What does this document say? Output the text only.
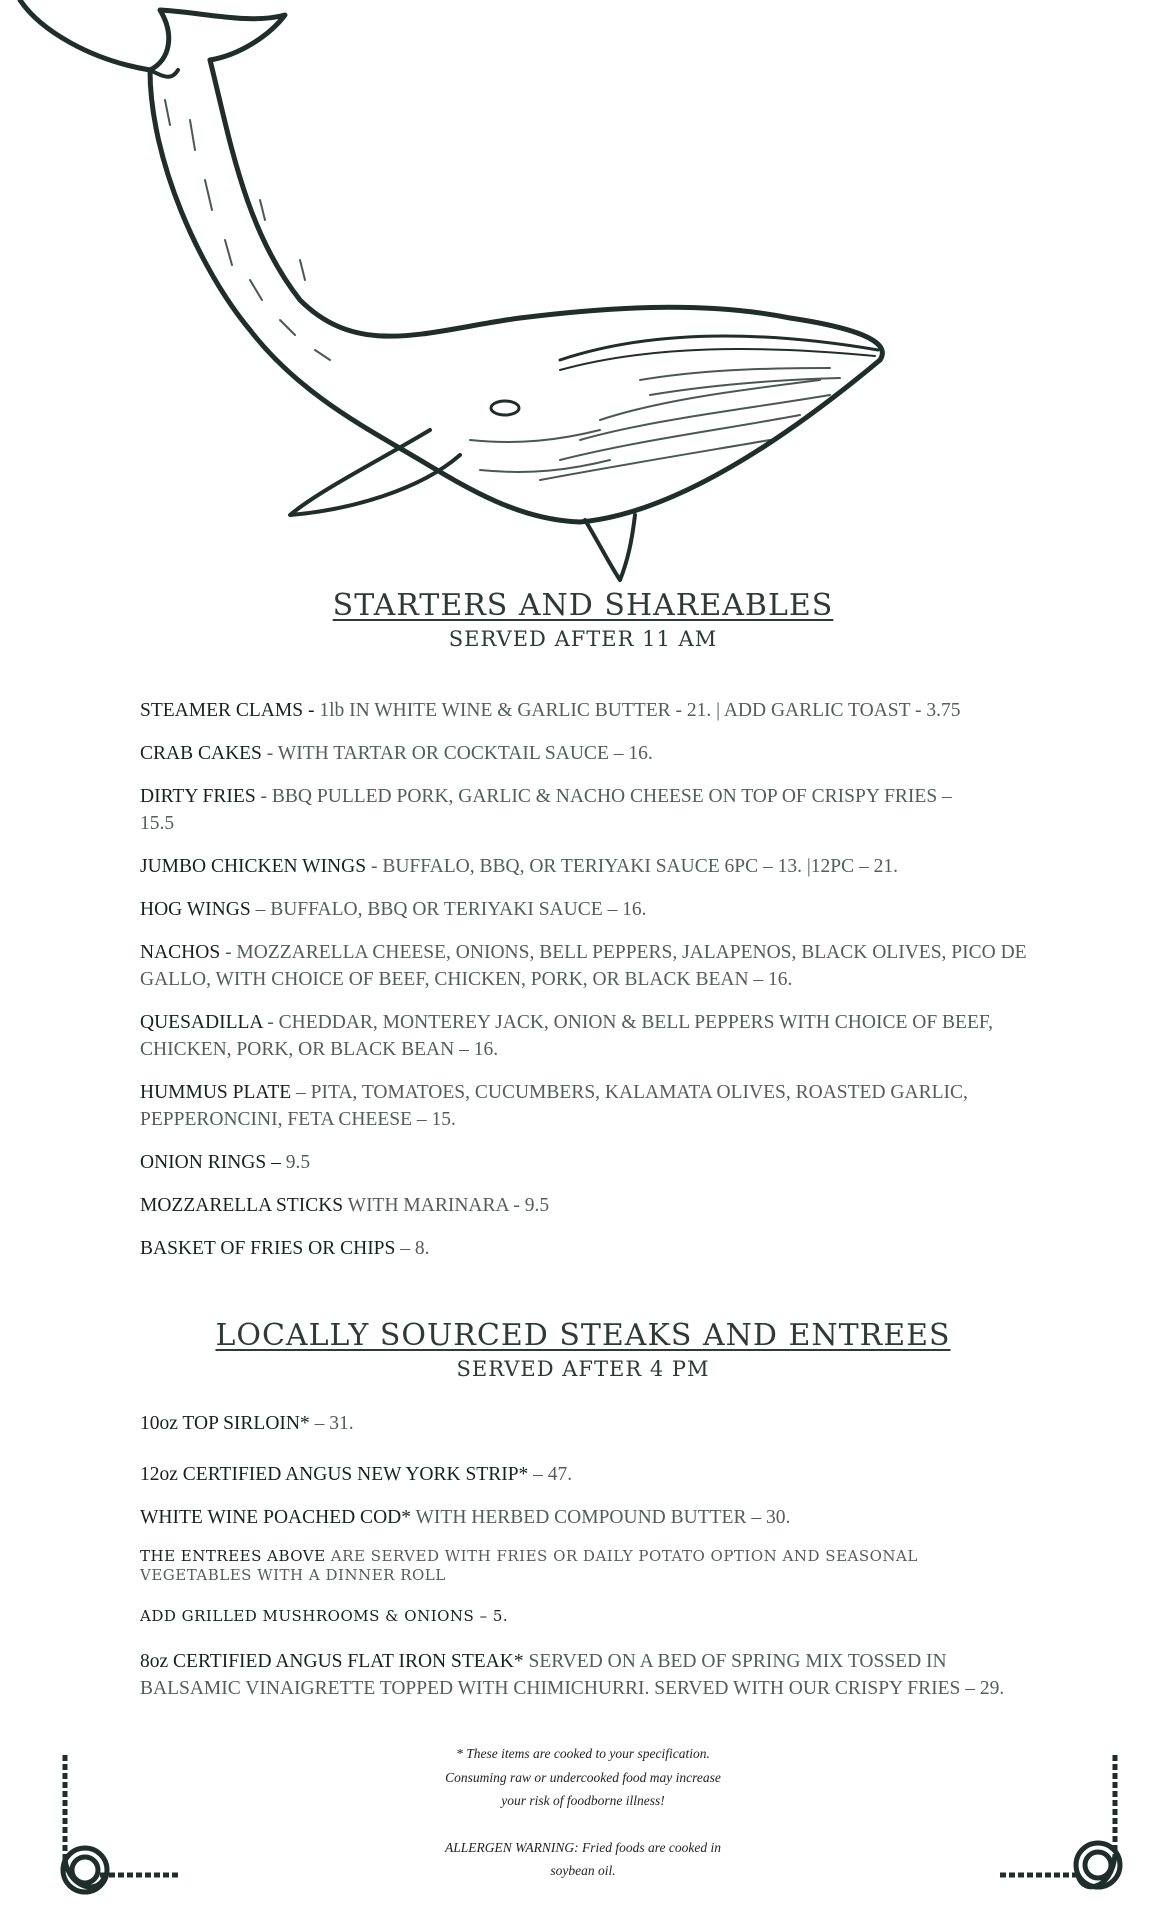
STARTERS AND SHAREABLES
SERVED AFTER 11 AM
STEAMER CLAMS - 1lb IN WHITE WINE & GARLIC BUTTER - 21. | ADD GARLIC TOAST - 3.75
CRAB CAKES - WITH TARTAR OR COCKTAIL SAUCE – 16.
DIRTY FRIES - BBQ PULLED PORK, GARLIC & NACHO CHEESE ON TOP OF CRISPY FRIES – 15.5
JUMBO CHICKEN WINGS - BUFFALO, BBQ, OR TERIYAKI SAUCE 6PC – 13. |12PC – 21.
HOG WINGS – BUFFALO, BBQ OR TERIYAKI SAUCE – 16.
NACHOS - MOZZARELLA CHEESE, ONIONS, BELL PEPPERS, JALAPENOS, BLACK OLIVES, PICO DE GALLO, WITH CHOICE OF BEEF, CHICKEN, PORK, OR BLACK BEAN – 16.
QUESADILLA - CHEDDAR, MONTEREY JACK, ONION & BELL PEPPERS WITH CHOICE OF BEEF, CHICKEN, PORK, OR BLACK BEAN – 16.
HUMMUS PLATE – PITA, TOMATOES, CUCUMBERS, KALAMATA OLIVES, ROASTED GARLIC, PEPPERONCINI, FETA CHEESE – 15.
ONION RINGS – 9.5
MOZZARELLA STICKS WITH MARINARA - 9.5
BASKET OF FRIES OR CHIPS – 8.
LOCALLY SOURCED STEAKS AND ENTREES
SERVED AFTER 4 PM
10oz TOP SIRLOIN* – 31.
12oz CERTIFIED ANGUS NEW YORK STRIP* – 47.
WHITE WINE POACHED COD* WITH HERBED COMPOUND BUTTER – 30.
THE ENTREES ABOVE ARE SERVED WITH FRIES OR DAILY POTATO OPTION AND SEASONAL VEGETABLES WITH A DINNER ROLL
ADD GRILLED MUSHROOMS & ONIONS – 5.
8oz CERTIFIED ANGUS FLAT IRON STEAK* SERVED ON A BED OF SPRING MIX TOSSED IN BALSAMIC VINAIGRETTE TOPPED WITH CHIMICHURRI. SERVED WITH OUR CRISPY FRIES – 29.
* These items are cooked to your specification.
Consuming raw or undercooked food may increase
your risk of foodborne illness!
ALLERGEN WARNING: Fried foods are cooked in
soybean oil.
